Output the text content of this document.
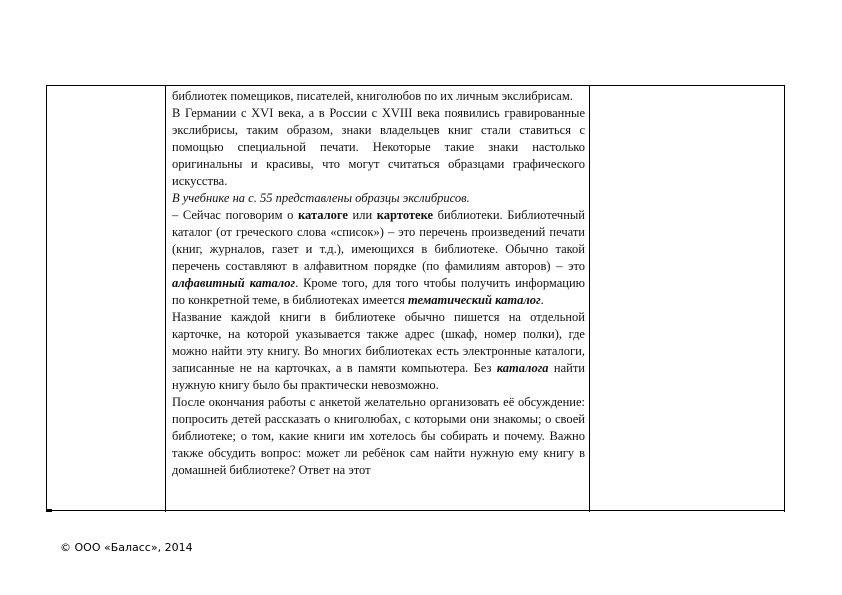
библиотек помещиков, писателей, книголюбов по их личным экслибрисам.

В Германии с XVI века, а в России с XVIII века появились гравированные экслибрисы, таким образом, знаки владельцев книг стали ставиться с помощью специальной печати. Некоторые такие знаки настолько оригинальны и красивы, что могут считаться образцами графического искусства.

В учебнике на с. 55 представлены образцы экслибрисов.

– Сейчас поговорим о каталоге или картотеке библиотеки. Библиотечный каталог (от греческого слова «список») – это перечень произведений печати (книг, журналов, газет и т.д.), имеющихся в библиотеке. Обычно такой перечень составляют в алфавитном порядке (по фамилиям авторов) – это алфавитный каталог. Кроме того, для того чтобы получить информацию по конкретной теме, в библиотеках имеется тематический каталог.

Название каждой книги в библиотеке обычно пишется на отдельной карточке, на которой указывается также адрес (шкаф, номер полки), где можно найти эту книгу. Во многих библиотеках есть электронные каталоги, записанные не на карточках, а в памяти компьютера. Без каталога найти нужную книгу было бы практически невозможно.

После окончания работы с анкетой желательно организовать её обсуждение: попросить детей рассказать о книголюбах, с которыми они знакомы; о своей библиотеке; о том, какие книги им хотелось бы собирать и почему. Важно также обсудить вопрос: может ли ребёнок сам найти нужную ему книгу в домашней библиотеке? Ответ на этот

© ООО «Баласс», 2014
